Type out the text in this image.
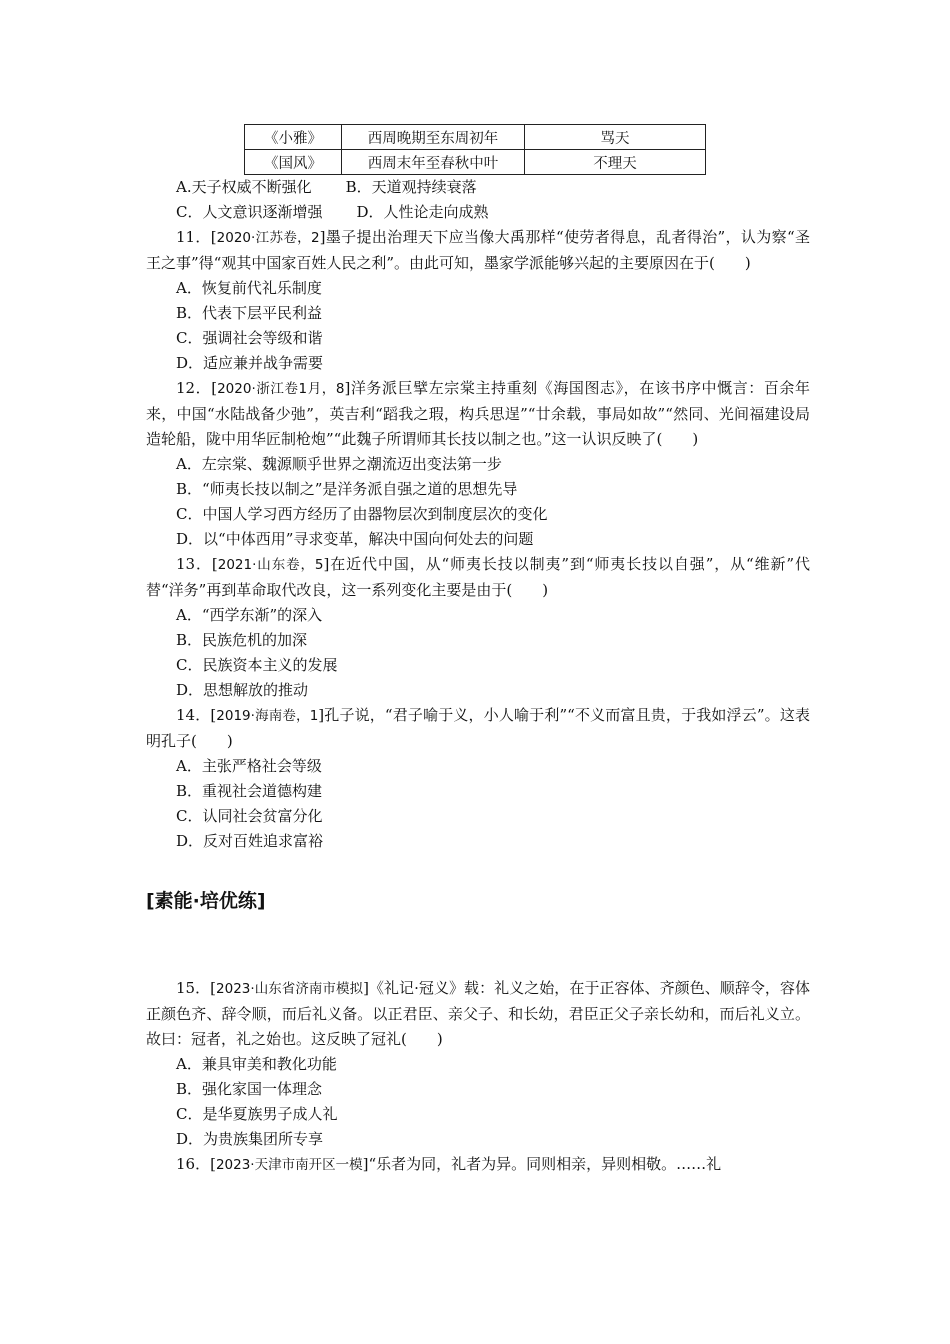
《小雅》	西周晚期至东周初年	骂天
《国风》	西周末年至春秋中叶	不理天
A.天子权威不断强化 B．天道观持续衰落
C．人文意识逐渐增强 D．人性论走向成熟
11．[2020·江苏卷，2]墨子提出治理天下应当像大禹那样“使劳者得息，乱者得治”，认为察“圣王之事”得“观其中国家百姓人民之利”。由此可知，墨家学派能够兴起的主要原因在于(　　)
A．恢复前代礼乐制度
B．代表下层平民利益
C．强调社会等级和谐
D．适应兼并战争需要
12．[2020·浙江卷1月，8]洋务派巨擘左宗棠主持重刻《海国图志》，在该书序中慨言：百余年来，中国“水陆战备少弛”，英吉利“蹈我之瑕，构兵思逞”“廿余载，事局如故”“然同、光间福建设局造轮船，陇中用华匠制枪炮”“此魏子所谓师其长技以制之也。”这一认识反映了(　　)
A．左宗棠、魏源顺乎世界之潮流迈出变法第一步
B．“师夷长技以制之”是洋务派自强之道的思想先导
C．中国人学习西方经历了由器物层次到制度层次的变化
D．以“中体西用”寻求变革，解决中国向何处去的问题
13．[2021·山东卷，5]在近代中国，从“师夷长技以制夷”到“师夷长技以自强”，从“维新”代替“洋务”再到革命取代改良，这一系列变化主要是由于(　　)
A．“西学东渐”的深入
B．民族危机的加深
C．民族资本主义的发展
D．思想解放的推动
14．[2019·海南卷，1]孔子说，“君子喻于义，小人喻于利”“不义而富且贵，于我如浮云”。这表明孔子(　　)
A．主张严格社会等级
B．重视社会道德构建
C．认同社会贫富分化
D．反对百姓追求富裕
[素能·培优练]
15．[2023·山东省济南市模拟]《礼记·冠义》载：礼义之始，在于正容体、齐颜色、顺辞令，容体正颜色齐、辞令顺，而后礼义备。以正君臣、亲父子、和长幼，君臣正父子亲长幼和，而后礼义立。故曰：冠者，礼之始也。这反映了冠礼(　　)
A．兼具审美和教化功能
B．强化家国一体理念
C．是华夏族男子成人礼
D．为贵族集团所专享
16．[2023·天津市南开区一模]“乐者为同，礼者为异。同则相亲，异则相敬。……礼
